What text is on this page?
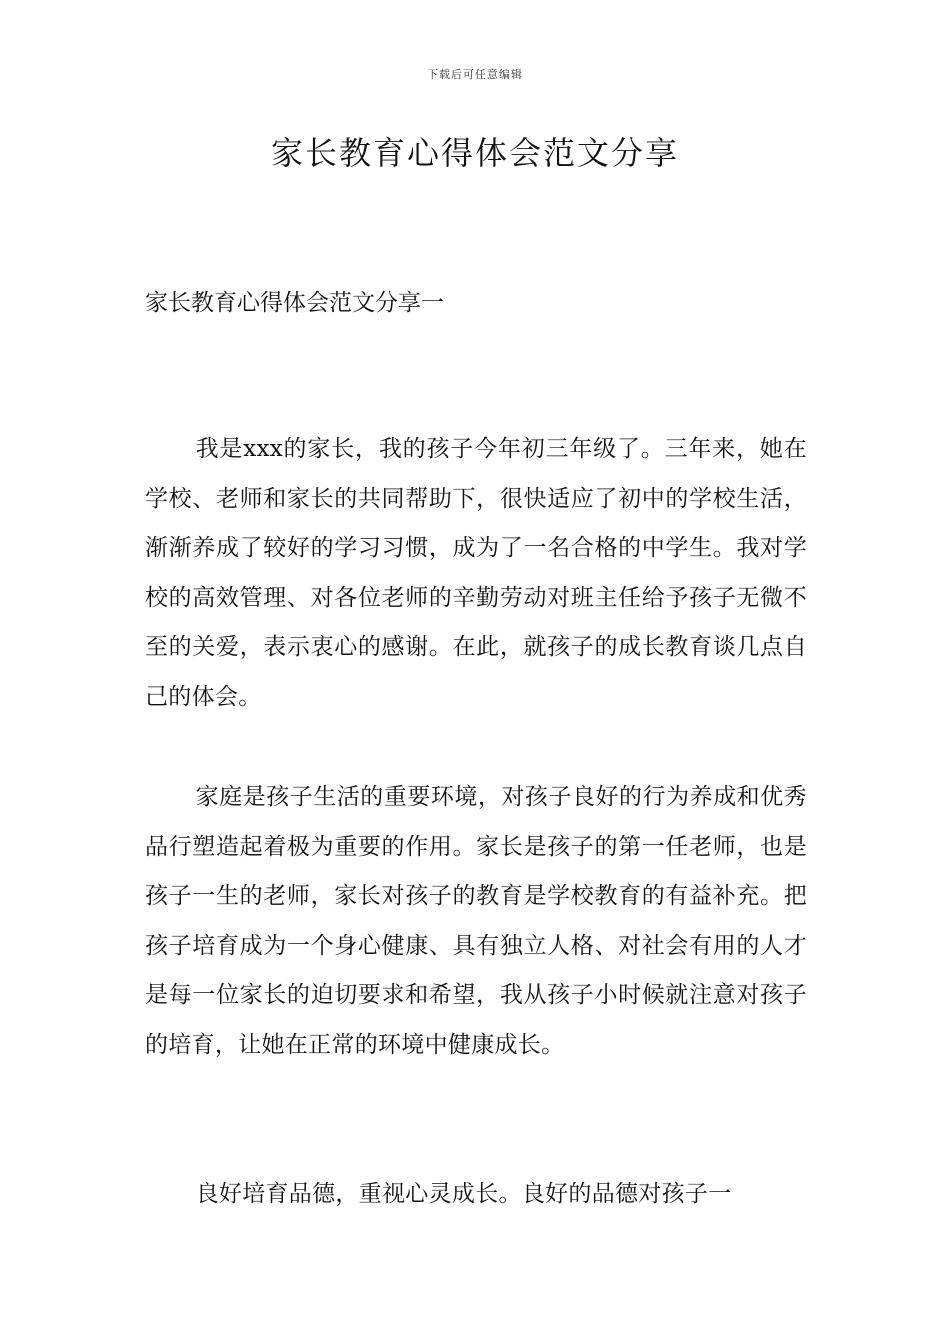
下载后可任意编辑
家长教育心得体会范文分享
家长教育心得体会范文分享一

我是xxx的家长，我的孩子今年初三年级了。三年来，她在学校、老师和家长的共同帮助下，很快适应了初中的学校生活，渐渐养成了较好的学习习惯，成为了一名合格的中学生。我对学校的高效管理、对各位老师的辛勤劳动对班主任给予孩子无微不至的关爱，表示衷心的感谢。在此，就孩子的成长教育谈几点自己的体会。

家庭是孩子生活的重要环境，对孩子良好的行为养成和优秀品行塑造起着极为重要的作用。家长是孩子的第一任老师，也是孩子一生的老师，家长对孩子的教育是学校教育的有益补充。把孩子培育成为一个身心健康、具有独立人格、对社会有用的人才是每一位家长的迫切要求和希望，我从孩子小时候就注意对孩子的培育，让她在正常的环境中健康成长。

良好培育品德，重视心灵成长。良好的品德对孩子一
